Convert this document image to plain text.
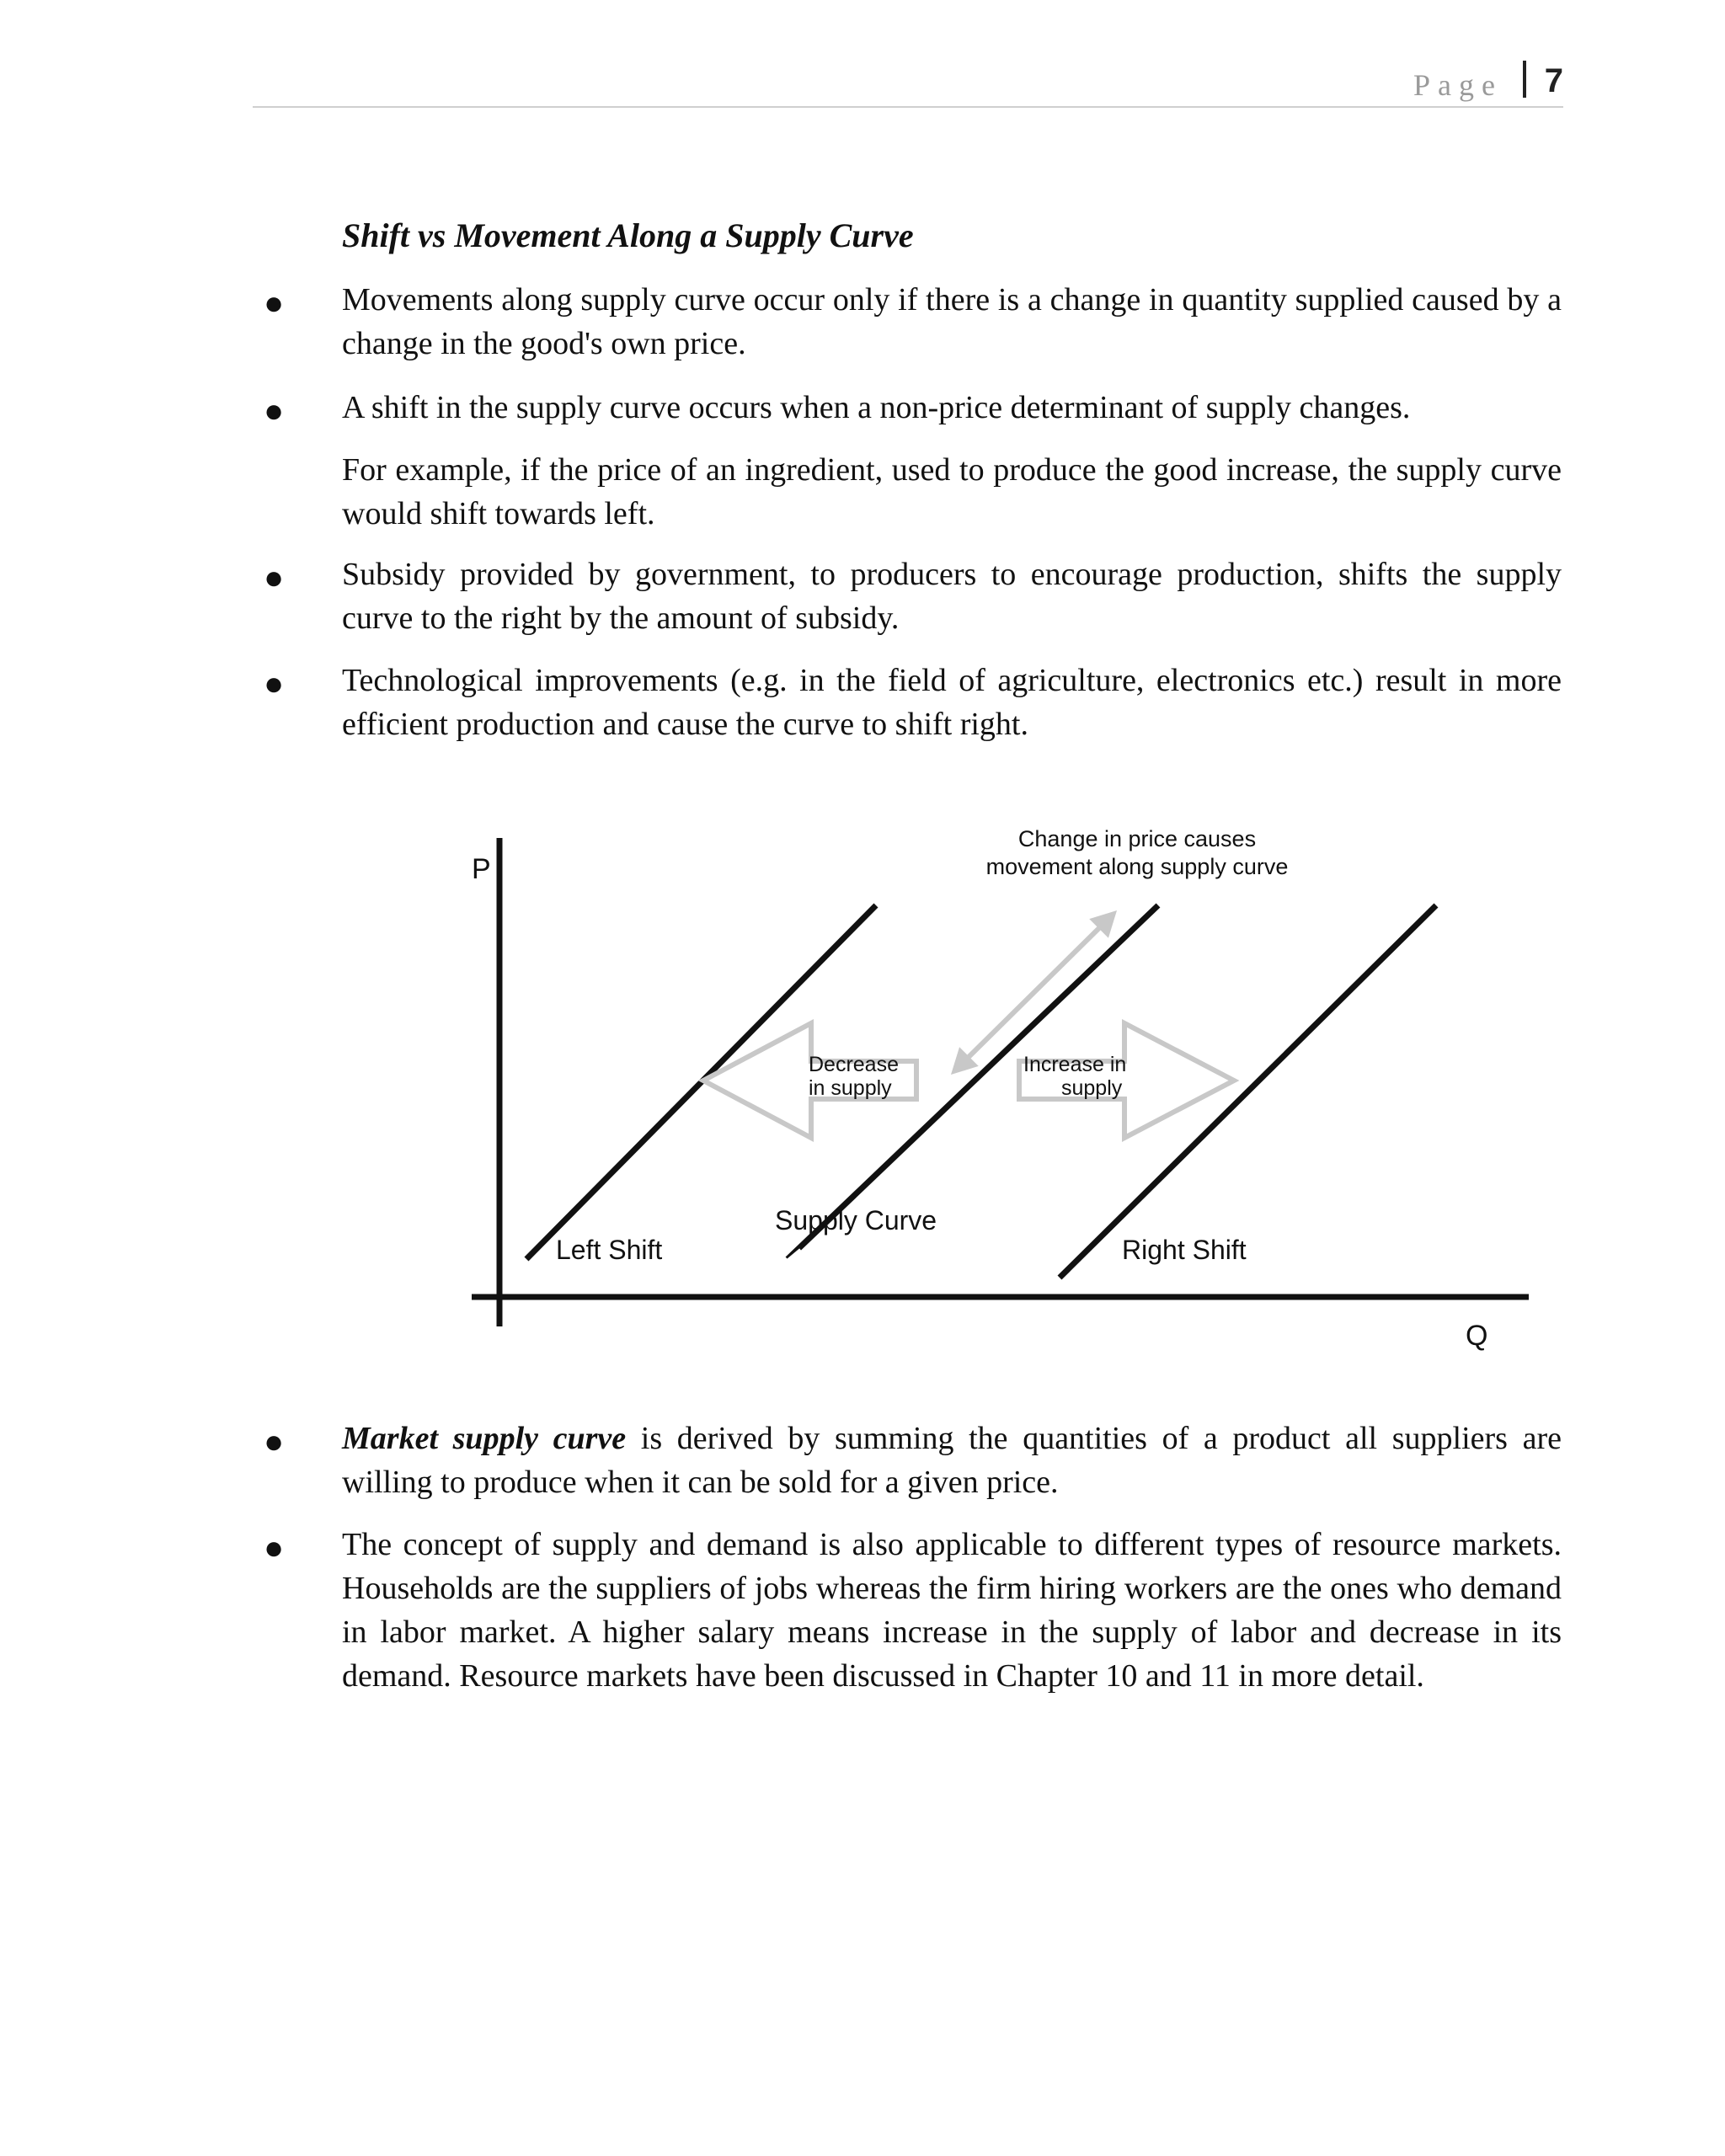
Page 7
Shift vs Movement Along a Supply Curve
● Movements along supply curve occur only if there is a change in quantity supplied caused by a change in the good's own price.
● A shift in the supply curve occurs when a non-price determinant of supply changes.
For example, if the price of an ingredient, used to produce the good increase, the supply curve would shift towards left.
● Subsidy provided by government, to producers to encourage production, shifts the supply curve to the right by the amount of subsidy.
● Technological improvements (e.g. in the field of agriculture, electronics etc.) result in more efficient production and cause the curve to shift right.
P
Q
Left Shift
Supply Curve
Right Shift
Decrease
in supply
Increase in
supply
Change in price causes
movement along supply curve
● Market supply curve is derived by summing the quantities of a product all suppliers are willing to produce when it can be sold for a given price.
● The concept of supply and demand is also applicable to different types of resource markets. Households are the suppliers of jobs whereas the firm hiring workers are the ones who demand in labor market. A higher salary means increase in the supply of labor and decrease in its demand. Resource markets have been discussed in Chapter 10 and 11 in more detail.
